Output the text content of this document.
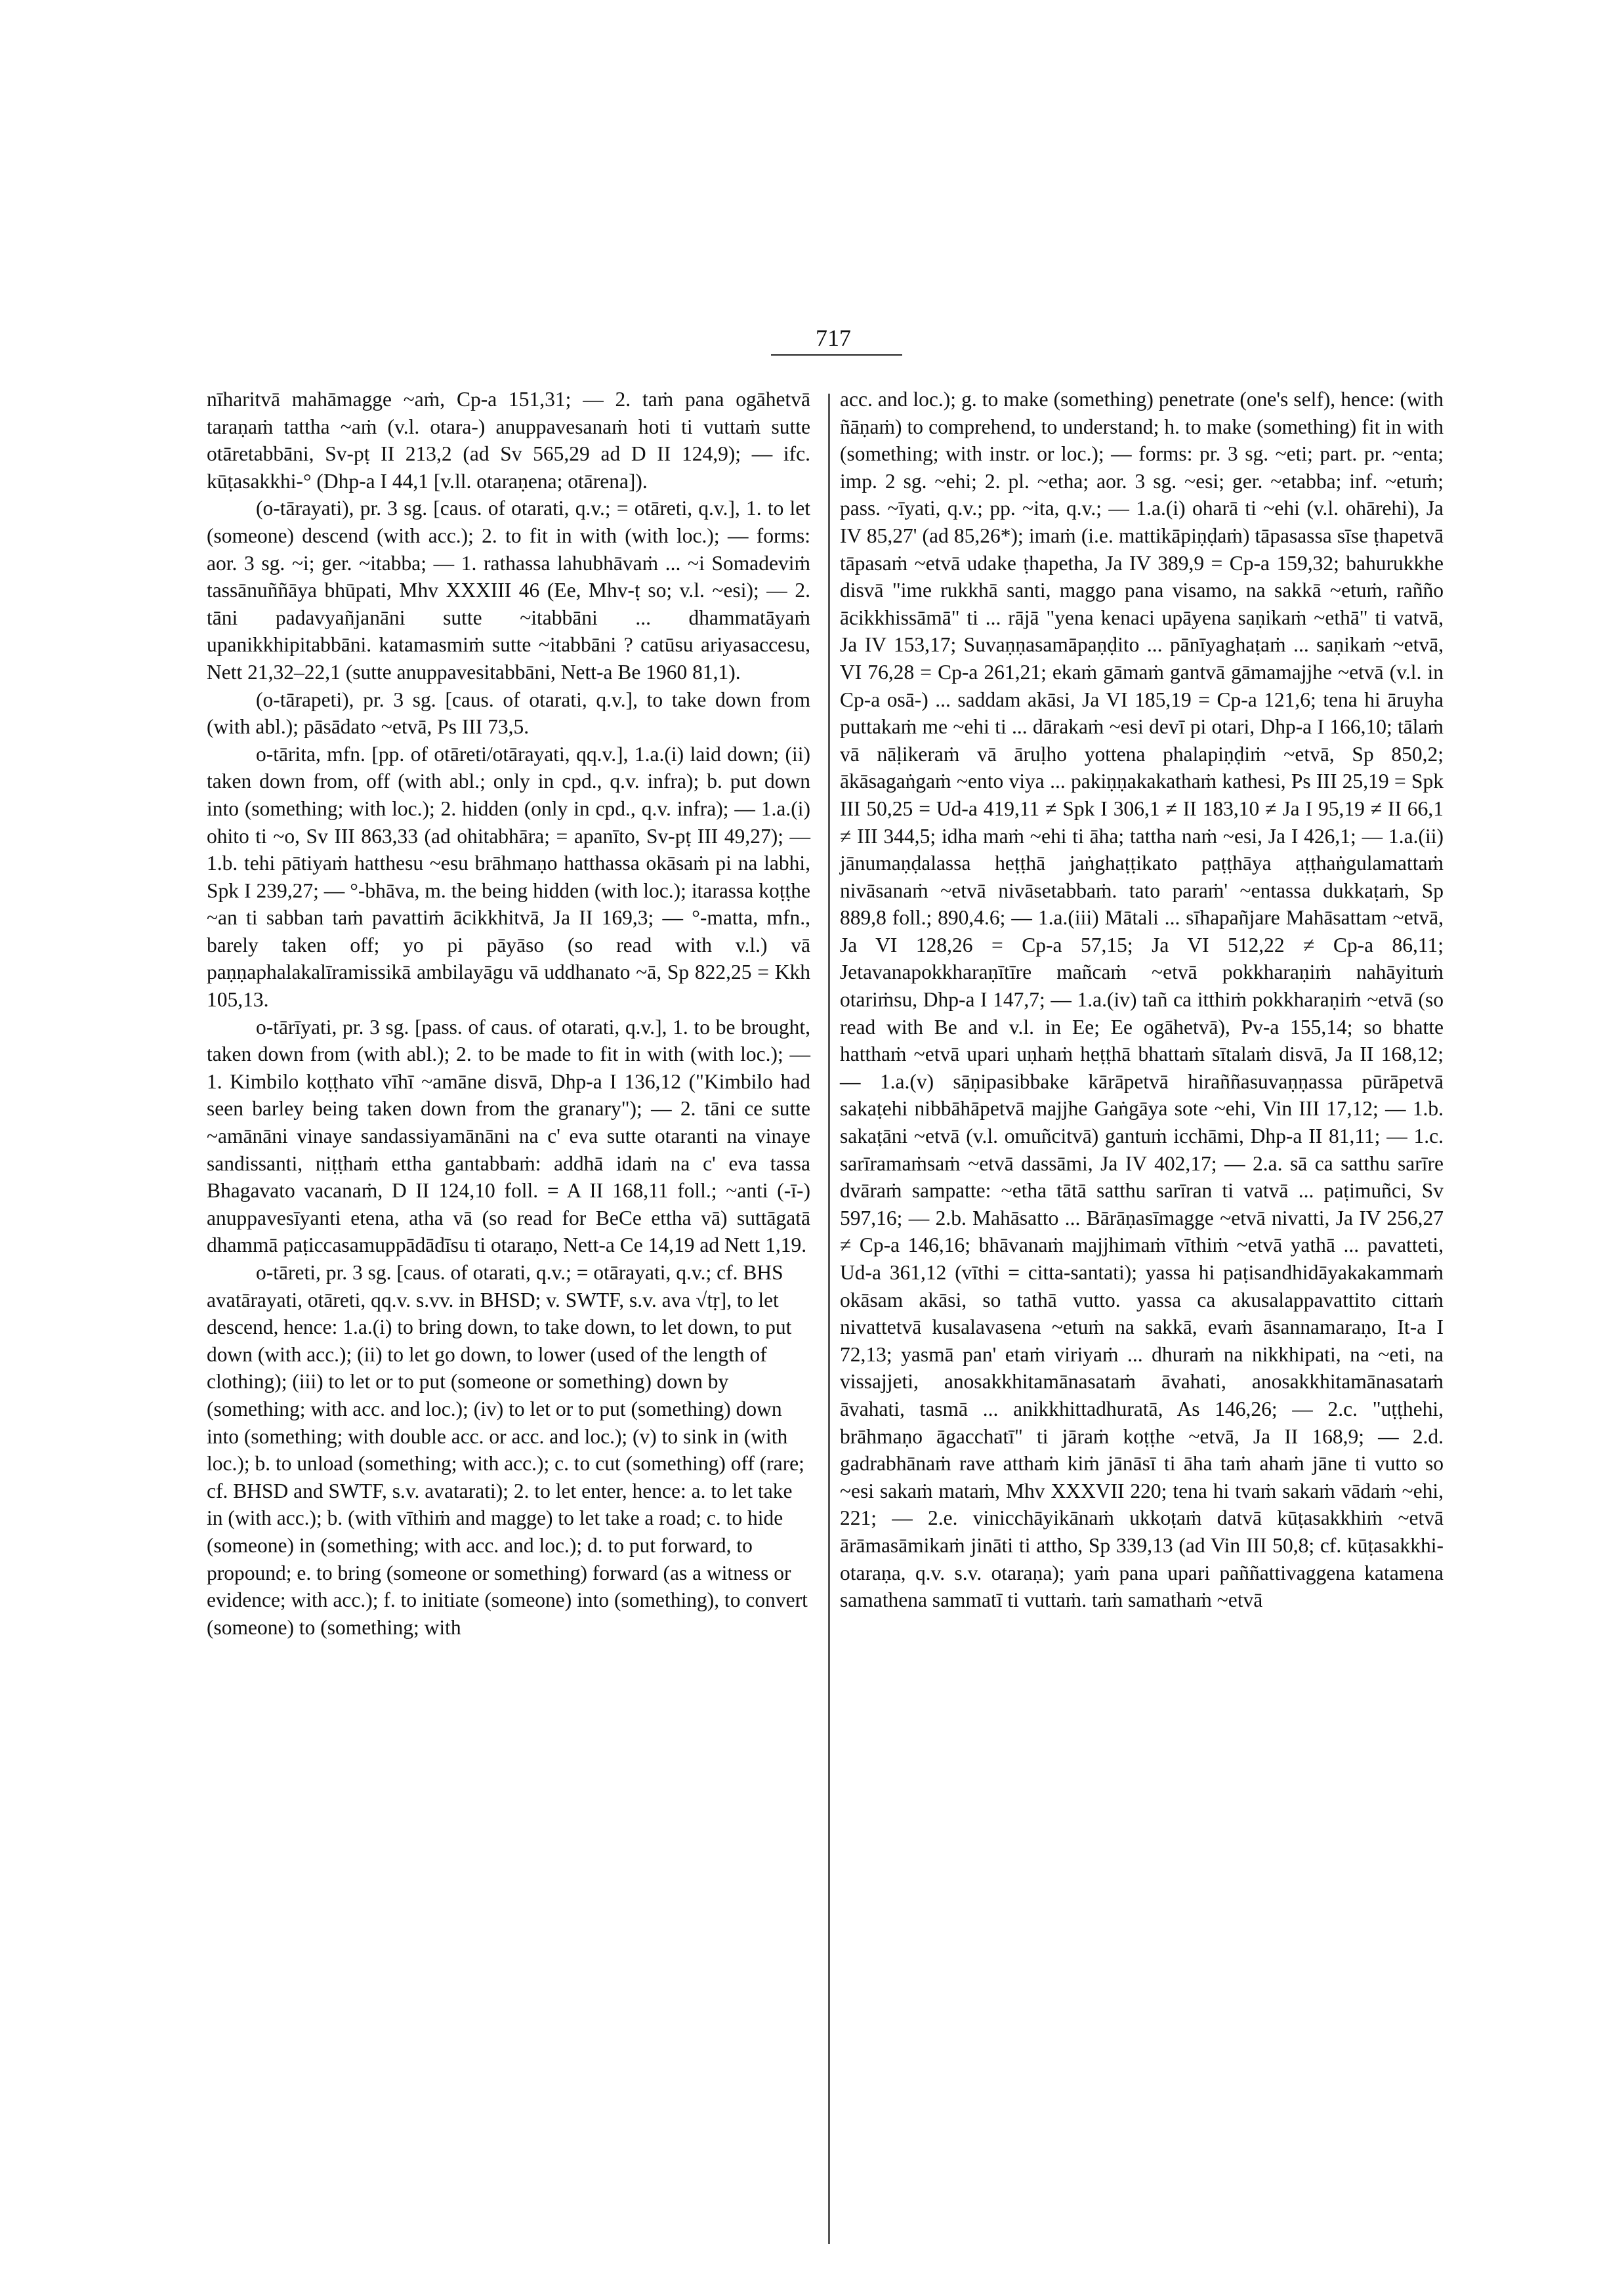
717

nīharitvā mahāmagge ~aṁ, Cp-a 151,31; — 2. taṁ pana ogāhetvā taraṇaṁ tattha ~aṁ (v.l. otara-) anuppavesanaṁ hoti ti vuttaṁ sutte otāretabbāni, Sv-pṭ II 213,2 (ad Sv 565,29 ad D II 124,9); — ifc. kūṭasakkhi-° (Dhp-a I 44,1 [v.ll. otaraṇena; otārena]).

(o-tārayati), pr. 3 sg. [caus. of otarati, q.v.; = otāreti, q.v.], 1. to let (someone) descend (with acc.); 2. to fit in with (with loc.); — forms: aor. 3 sg. ~i; ger. ~itabba; — 1. rathassa lahubhāvaṁ ... ~i Somadeviṁ tassānuññāya bhūpati, Mhv XXXIII 46 (Ee, Mhv-ṭ so; v.l. ~esi); — 2. tāni padavyañjanāni sutte ~itabbāni ... dhammatāyaṁ upanikkhipitabbāni. katamasmiṁ sutte ~itabbāni ? catūsu ariyasaccesu, Nett 21,32–22,1 (sutte anuppavesitabbāni, Nett-a Be 1960 81,1).

(o-tārapeti), pr. 3 sg. [caus. of otarati, q.v.], to take down from (with abl.); pāsādato ~etvā, Ps III 73,5.

o-tārita, mfn. [pp. of otāreti/otārayati, qq.v.], 1.a.(i) laid down; (ii) taken down from, off (with abl.; only in cpd., q.v. infra); b. put down into (something; with loc.); 2. hidden (only in cpd., q.v. infra); — 1.a.(i) ohito ti ~o, Sv III 863,33 (ad ohitabhāra; = apanīto, Sv-pṭ III 49,27); — 1.b. tehi pātiyaṁ hatthesu ~esu brāhmaṇo hatthassa okāsaṁ pi na labhi, Spk I 239,27; — °-bhāva, m. the being hidden (with loc.); itarassa koṭṭhe ~an ti sabban taṁ pavattiṁ ācikkhitvā, Ja II 169,3; — °-matta, mfn., barely taken off; yo pi pāyāso (so read with v.l.) vā paṇṇaphalakalīramissikā ambilayāgu vā uddhanato ~ā, Sp 822,25 = Kkh 105,13.

o-tārīyati, pr. 3 sg. [pass. of caus. of otarati, q.v.], 1. to be brought, taken down from (with abl.); 2. to be made to fit in with (with loc.); — 1. Kimbilo koṭṭhato vīhī ~amāne disvā, Dhp-a I 136,12 ("Kimbilo had seen barley being taken down from the granary"); — 2. tāni ce sutte ~amānāni vinaye sandassiyamānāni na c' eva sutte otaranti na vinaye sandissanti, niṭṭhaṁ ettha gantabbaṁ: addhā idaṁ na c' eva tassa Bhagavato vacanaṁ, D II 124,10 foll. = A II 168,11 foll.; ~anti (-ī-) anuppavesīyanti etena, atha vā (so read for BeCe ettha vā) suttāgatā dhammā paṭiccasamuppādādīsu ti otaraṇo, Nett-a Ce 14,19 ad Nett 1,19.

o-tāreti, pr. 3 sg. [caus. of otarati, q.v.; = otārayati, q.v.; cf. BHS avatārayati, otāreti, qq.v. s.vv. in BHSD; v. SWTF, s.v. ava √tṛ], to let descend, hence: 1.a.(i) to bring down, to take down, to let down, to put down (with acc.); (ii) to let go down, to lower (used of the length of clothing); (iii) to let or to put (someone or something) down by (something; with acc. and loc.); (iv) to let or to put (something) down into (something; with double acc. or acc. and loc.); (v) to sink in (with loc.); b. to unload (something; with acc.); c. to cut (something) off (rare; cf. BHSD and SWTF, s.v. avatarati); 2. to let enter, hence: a. to let take in (with acc.); b. (with vīthiṁ and magge) to let take a road; c. to hide (someone) in (something; with acc. and loc.); d. to put forward, to propound; e. to bring (someone or something) forward (as a witness or evidence; with acc.); f. to initiate (someone) into (something), to convert (someone) to (something; with

acc. and loc.); g. to make (something) penetrate (one's self), hence: (with ñāṇaṁ) to comprehend, to understand; h. to make (something) fit in with (something; with instr. or loc.); — forms: pr. 3 sg. ~eti; part. pr. ~enta; imp. 2 sg. ~ehi; 2. pl. ~etha; aor. 3 sg. ~esi; ger. ~etabba; inf. ~etuṁ; pass. ~īyati, q.v.; pp. ~ita, q.v.; — 1.a.(i) oharā ti ~ehi (v.l. ohārehi), Ja IV 85,27' (ad 85,26*); imaṁ (i.e. mattikāpiṇḍaṁ) tāpasassa sīse ṭhapetvā tāpasaṁ ~etvā udake ṭhapetha, Ja IV 389,9 = Cp-a 159,32; bahurukkhe disvā "ime rukkhā santi, maggo pana visamo, na sakkā ~etuṁ, rañño ācikkhissāmā" ti ... rājā "yena kenaci upāyena saṇikaṁ ~ethā" ti vatvā, Ja IV 153,17; Suvaṇṇasamāpaṇḍito ... pānīyaghaṭaṁ ... saṇikaṁ ~etvā, VI 76,28 = Cp-a 261,21; ekaṁ gāmaṁ gantvā gāmamajjhe ~etvā (v.l. in Cp-a osā-) ... saddam akāsi, Ja VI 185,19 = Cp-a 121,6; tena hi āruyha puttakaṁ me ~ehi ti ... dārakaṁ ~esi devī pi otari, Dhp-a I 166,10; tālaṁ vā nāḷikeraṁ vā āruḷho yottena phalapiṇḍiṁ ~etvā, Sp 850,2; ākāsagaṅgaṁ ~ento viya ... pakiṇṇakakathaṁ kathesi, Ps III 25,19 = Spk III 50,25 = Ud-a 419,11 ≠ Spk I 306,1 ≠ II 183,10 ≠ Ja I 95,19 ≠ II 66,1 ≠ III 344,5; idha maṁ ~ehi ti āha; tattha naṁ ~esi, Ja I 426,1; — 1.a.(ii) jānumaṇḍalassa heṭṭhā jaṅghaṭṭikato paṭṭhāya aṭṭhaṅgulamattaṁ nivāsanaṁ ~etvā nivāsetabbaṁ. tato paraṁ' ~entassa dukkaṭaṁ, Sp 889,8 foll.; 890,4.6; — 1.a.(iii) Mātali ... sīhapañjare Mahāsattam ~etvā, Ja VI 128,26 = Cp-a 57,15; Ja VI 512,22 ≠ Cp-a 86,11; Jetavanapokkharaṇītīre mañcaṁ ~etvā pokkharaṇiṁ nahāyituṁ otariṁsu, Dhp-a I 147,7; — 1.a.(iv) tañ ca itthiṁ pokkharaṇiṁ ~etvā (so read with Be and v.l. in Ee; Ee ogāhetvā), Pv-a 155,14; so bhatte hatthaṁ ~etvā upari uṇhaṁ heṭṭhā bhattaṁ sītalaṁ disvā, Ja II 168,12; — 1.a.(v) sāṇipasibbake kārāpetvā hiraññasuvaṇṇassa pūrāpetvā sakaṭehi nibbāhāpetvā majjhe Gaṅgāya sote ~ehi, Vin III 17,12; — 1.b. sakaṭāni ~etvā (v.l. omuñcitvā) gantuṁ icchāmi, Dhp-a II 81,11; — 1.c. sarīramaṁsaṁ ~etvā dassāmi, Ja IV 402,17; — 2.a. sā ca satthu sarīre dvāraṁ sampatte: ~etha tātā satthu sarīran ti vatvā ... paṭimuñci, Sv 597,16; — 2.b. Mahāsatto ... Bārāṇasīmagge ~etvā nivatti, Ja IV 256,27 ≠ Cp-a 146,16; bhāvanaṁ majjhimaṁ vīthiṁ ~etvā yathā ... pavatteti, Ud-a 361,12 (vīthi = citta-santati); yassa hi paṭisandhidāyakakammaṁ okāsam akāsi, so tathā vutto. yassa ca akusalappavattito cittaṁ nivattetvā kusalavasena ~etuṁ na sakkā, evaṁ āsannamaraṇo, It-a I 72,13; yasmā pan' etaṁ viriyaṁ ... dhuraṁ na nikkhipati, na ~eti, na vissajjeti, anosakkhitamānasataṁ āvahati, anosakkhitamānasataṁ āvahati, tasmā ... anikkhittadhuratā, As 146,26; — 2.c. "uṭṭhehi, brāhmaṇo āgacchatī" ti jāraṁ koṭṭhe ~etvā, Ja II 168,9; — 2.d. gadrabhānaṁ rave atthaṁ kiṁ jānāsī ti āha taṁ ahaṁ jāne ti vutto so ~esi sakaṁ mataṁ, Mhv XXXVII 220; tena hi tvaṁ sakaṁ vādaṁ ~ehi, 221; — 2.e. vinicchāyikānaṁ ukkoṭaṁ datvā kūṭasakkhiṁ ~etvā ārāmasāmikaṁ jināti ti attho, Sp 339,13 (ad Vin III 50,8; cf. kūṭasakkhi-otaraṇa, q.v. s.v. otaraṇa); yaṁ pana upari paññattivaggena katamena samathena sammatī ti vuttaṁ. taṁ samathaṁ ~etvā
